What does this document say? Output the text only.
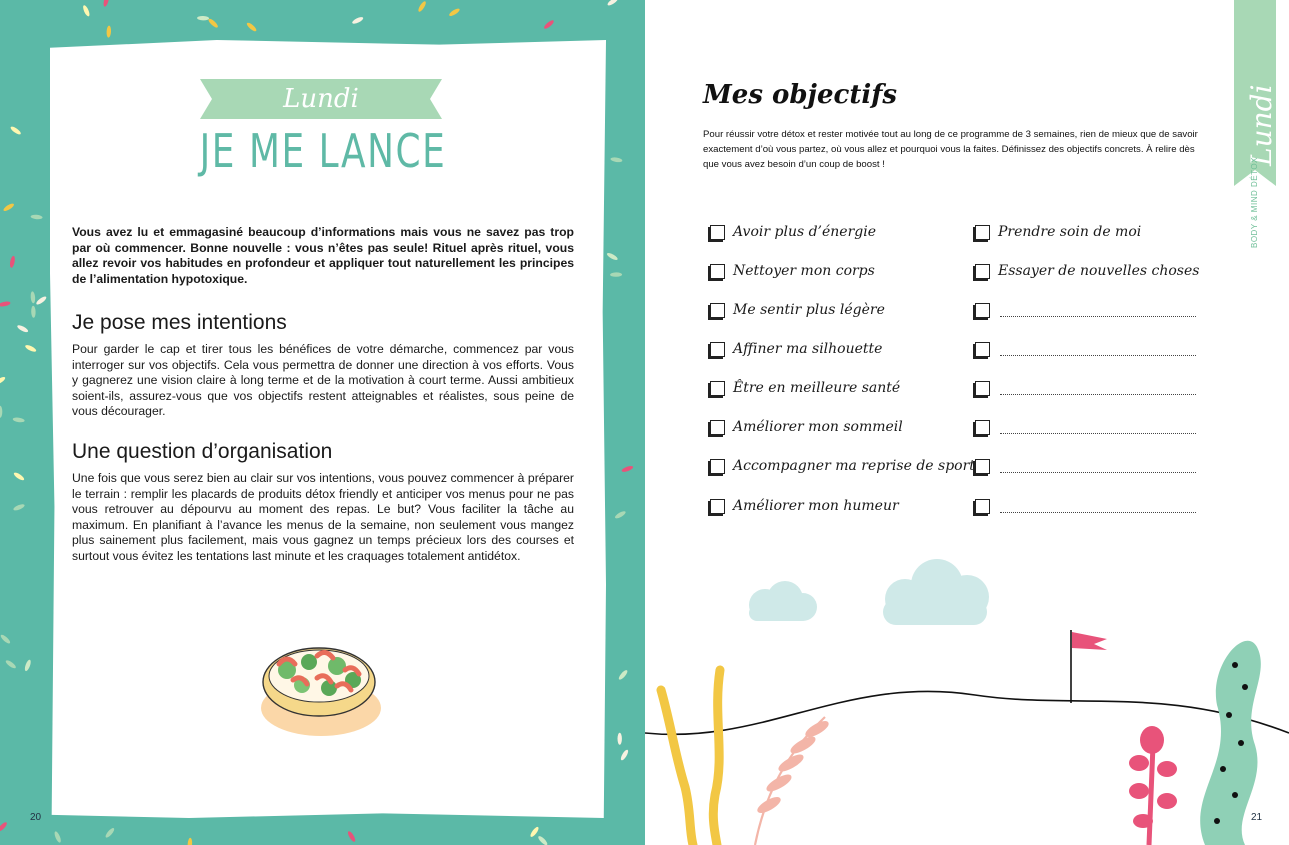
Lundi
JE ME LANCE

Vous avez lu et emmagasiné beaucoup d’informations mais vous ne savez pas trop par où commencer. Bonne nouvelle : vous n’êtes pas seule! Rituel après rituel, vous allez revoir vos habitudes en profondeur et appliquer tout naturellement les principes de l’alimentation hypotoxique.

Je pose mes intentions

Pour garder le cap et tirer tous les bénéfices de votre démarche, commencez par vous interroger sur vos objectifs. Cela vous permettra de donner une direction à vos efforts. Vous y gagnerez une vision claire à long terme et de la motivation à court terme. Aussi ambitieux soient-ils, assurez-vous que vos objectifs restent atteignables et réalistes, sous peine de vous décourager.

Une question d’organisation

Une fois que vous serez bien au clair sur vos intentions, vous pouvez commencer à préparer le terrain : remplir les placards de produits détox friendly et anticiper vos menus pour ne pas vous retrouver au dépourvu au moment des repas. Le but? Vous faciliter la tâche au maximum. En planifiant à l’avance les menus de la semaine, non seulement vous mangez plus sainement plus facilement, mais vous gagnez un temps précieux lors des courses et surtout vous évitez les tentations last minute et les craquages totalement antidétox.

20
Lundi
BODY & MIND DÉTOX
Mes objectifs

Pour réussir votre détox et rester motivée tout au long de ce programme de 3 semaines, rien de mieux que de savoir exactement d’où vous partez, où vous allez et pourquoi vous la faites. Définissez des objectifs concrets. À relire dès que vous avez besoin d’un coup de boost !

Avoir plus d’énergie
Nettoyer mon corps
Me sentir plus légère
Affiner ma silhouette
Être en meilleure santé
Améliorer mon sommeil
Accompagner ma reprise de sport
Améliorer mon humeur
Prendre soin de moi
Essayer de nouvelles choses
21
